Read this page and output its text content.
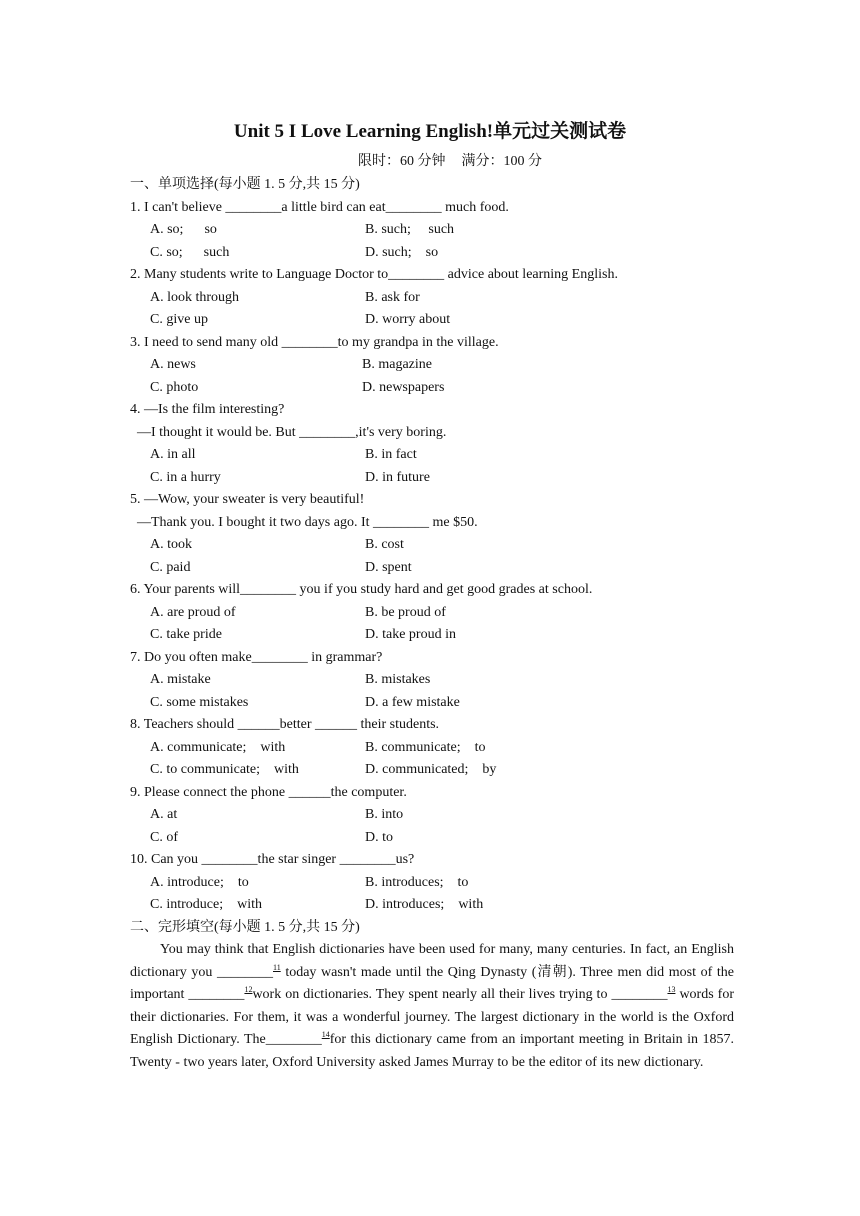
Unit 5 I Love Learning English!单元过关测试卷
限时：60 分钟 满分：100 分
一、单项选择(每小题 1. 5 分,共 15 分)
1. I can't believe ________a little bird can eat________ much food.
A. so;      so	B. such;     such
C. so;      such	D. such;    so
2. Many students write to Language Doctor to________ advice about learning English.
A. look through	B. ask for
C. give up	D. worry about
3. I need to send many old ________to my grandpa in the village.
A. news	B. magazine
C. photo	D. newspapers
4. —Is the film interesting?
—I thought it would be. But ________,it's very boring.
A. in all	B. in fact
C. in a hurry	D. in future
5. —Wow, your sweater is very beautiful!
—Thank you. I bought it two days ago. It ________ me $50.
A. took	B. cost
C. paid	D. spent
6. Your parents will________ you if you study hard and get good grades at school.
A. are proud of	B. be proud of
C. take pride	D. take proud in
7. Do you often make________ in grammar?
A. mistake	B. mistakes
C. some mistakes	D. a few mistake
8. Teachers should ______better ______ their students.
A. communicate;    with	B. communicate;    to
C. to communicate;    with	D. communicated;    by
9. Please connect the phone ______the computer.
A. at	B. into
C. of	D. to
10. Can you ________the star singer ________us?
A. introduce;    to	B. introduces;    to
C. introduce;    with	D. introduces;    with
二、完形填空(每小题 1. 5 分,共 15 分)

You may think that English dictionaries have been used for many, many centuries. In fact, an English dictionary you ________$^{11}$ today wasn't made until the Qing Dynasty (清朝). Three men did most of the important ________$^{12}$work on dictionaries. They spent nearly all their lives trying to ________$^{13}$ words for their dictionaries. For them, it was a wonderful journey. The largest dictionary in the world is the Oxford English Dictionary. The________$^{14}$for this dictionary came from an important meeting in Britain in 1857. Twenty - two years later, Oxford University asked James Murray to be the editor of its new dictionary.
